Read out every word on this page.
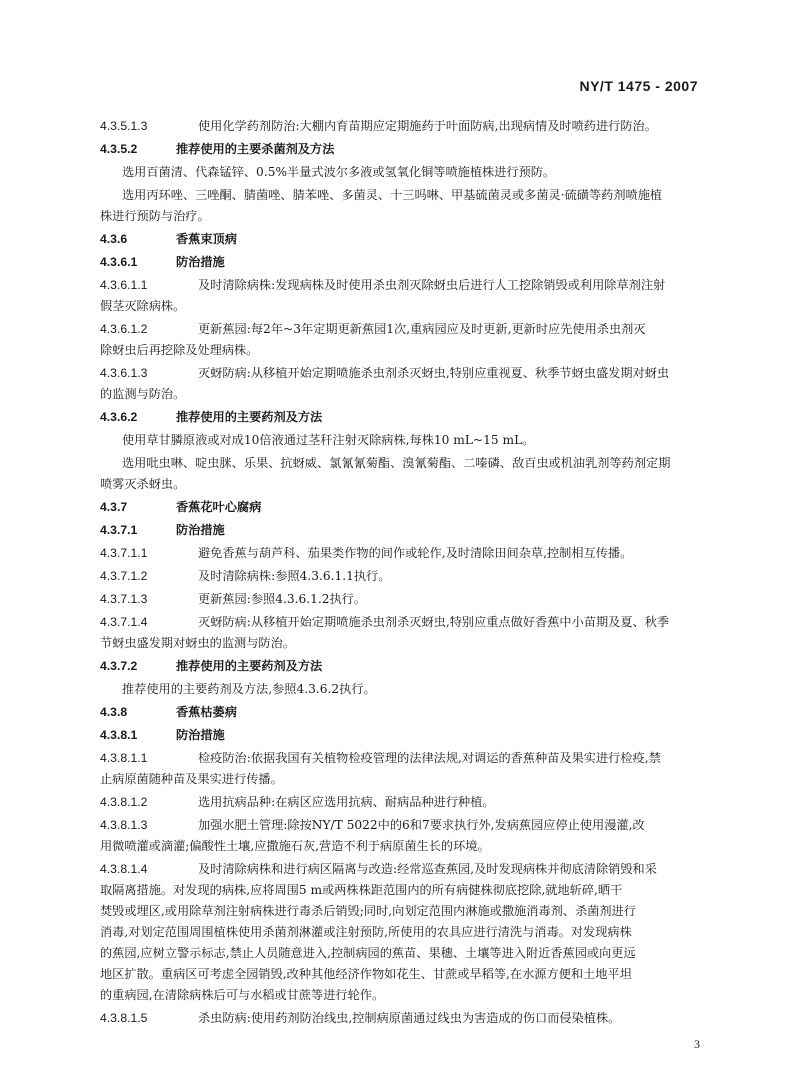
NY/T 1475 - 2007
4.3.5.1.3	使用化学药剂防治:大棚内育苗期应定期施药于叶面防病,出现病情及时喷药进行防治。
4.3.5.2	推荐使用的主要杀菌剂及方法
选用百菌清、代森锰锌、0.5%半量式波尔多液或氢氧化铜等喷施植株进行预防。
选用丙环唑、三唑酮、腈菌唑、腈苯唑、多菌灵、十三吗啉、甲基硫菌灵或多菌灵·硫磺等药剂喷施植
株进行预防与治疗。
4.3.6	香蕉束顶病
4.3.6.1	防治措施
4.3.6.1.1	及时清除病株:发现病株及时使用杀虫剂灭除蚜虫后进行人工挖除销毁或利用除草剂注射
假茎灭除病株。
4.3.6.1.2	更新蕉园:每2年~3年定期更新蕉园1次,重病园应及时更新,更新时应先使用杀虫剂灭
除蚜虫后再挖除及处理病株。
4.3.6.1.3	灭蚜防病:从移植开始定期喷施杀虫剂杀灭蚜虫,特别应重视夏、秋季节蚜虫盛发期对蚜虫
的监测与防治。
4.3.6.2	推荐使用的主要药剂及方法
使用草甘膦原液或对成10倍液通过茎秆注射灭除病株,每株10 mL~15 mL。
选用吡虫啉、啶虫脒、乐果、抗蚜威、氯氰氰菊酯、溴氰菊酯、二嗪磷、敌百虫或机油乳剂等药剂定期
喷雾灭杀蚜虫。
4.3.7	香蕉花叶心腐病
4.3.7.1	防治措施
4.3.7.1.1	避免香蕉与葫芦科、茄果类作物的间作或轮作,及时清除田间杂草,控制相互传播。
4.3.7.1.2	及时清除病株:参照4.3.6.1.1执行。
4.3.7.1.3	更新蕉园:参照4.3.6.1.2执行。
4.3.7.1.4	灭蚜防病:从移植开始定期喷施杀虫剂杀灭蚜虫,特别应重点做好香蕉中小苗期及夏、秋季
节蚜虫盛发期对蚜虫的监测与防治。
4.3.7.2	推荐使用的主要药剂及方法
推荐使用的主要药剂及方法,参照4.3.6.2执行。
4.3.8	香蕉枯萎病
4.3.8.1	防治措施
4.3.8.1.1	检疫防治:依据我国有关植物检疫管理的法律法规,对调运的香蕉种苗及果实进行检疫,禁
止病原菌随种苗及果实进行传播。
4.3.8.1.2	选用抗病品种:在病区应选用抗病、耐病品种进行种植。
4.3.8.1.3	加强水肥土管理:除按NY/T 5022中的6和7要求执行外,发病蕉园应停止使用漫灌,改
用微喷灌或滴灌;偏酸性土壤,应撒施石灰,营造不利于病原菌生长的环境。
4.3.8.1.4	及时清除病株和进行病区隔离与改造:经常巡查蕉园,及时发现病株并彻底清除销毁和采
取隔离措施。对发现的病株,应将周围5 m或两株株距范围内的所有病健株彻底挖除,就地斩碎,晒干
焚毁或埋区,或用除草剂注射病株进行毒杀后销毁;同时,向划定范围内淋施或撒施消毒剂、杀菌剂进行
消毒,对划定范围周围植株使用杀菌剂淋灌或注射预防,所使用的农具应进行清洗与消毒。对发现病株
的蕉园,应树立警示标志,禁止人员随意进入,控制病园的蕉苗、果穗、土壤等进入附近香蕉园或向更远
地区扩散。重病区可考虑全园销毁,改种其他经济作物如花生、甘蔗或旱稻等,在水源方便和土地平坦
的重病园,在清除病株后可与水稻或甘蔗等进行轮作。
4.3.8.1.5	杀虫防病:使用药剂防治线虫,控制病原菌通过线虫为害造成的伤口而侵染植株。
3
